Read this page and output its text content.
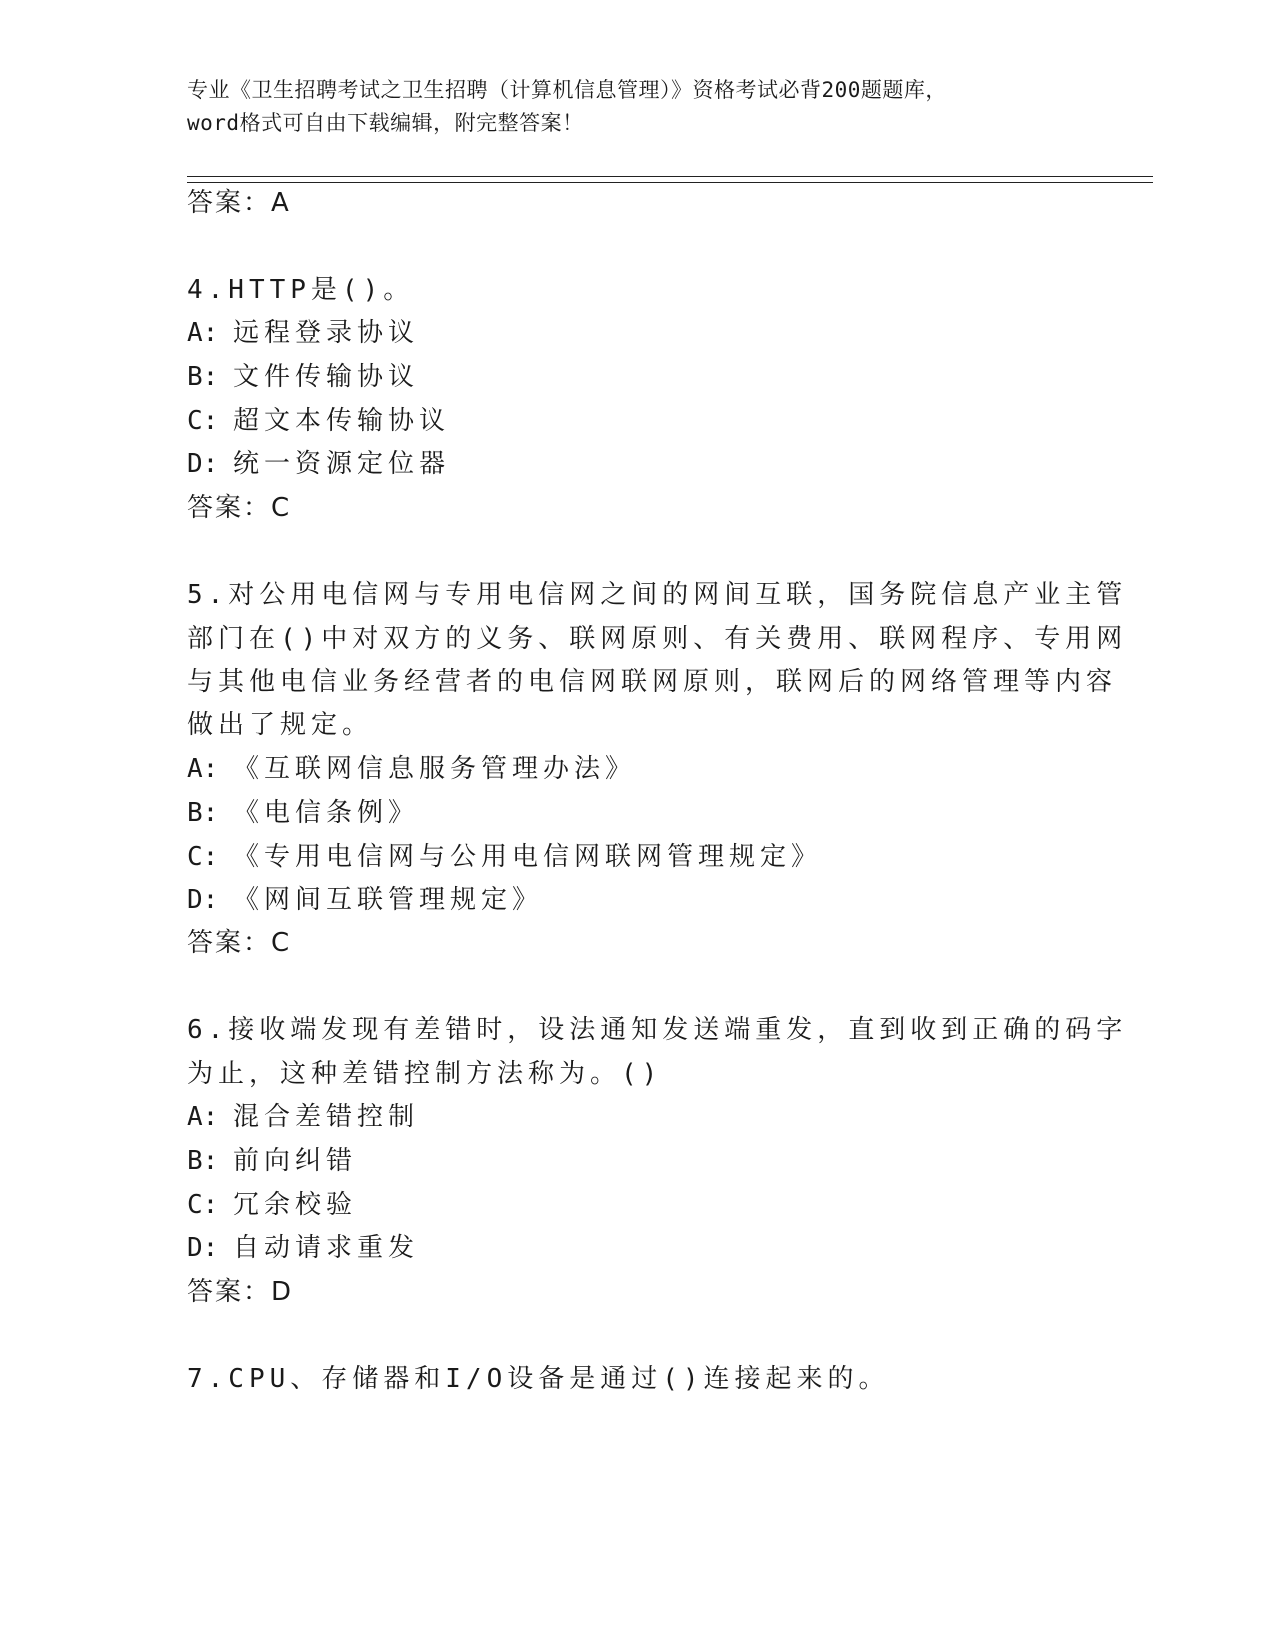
专业《卫生招聘考试之卫生招聘（计算机信息管理）》资格考试必背200题题库，
word格式可自由下载编辑，附完整答案！
答案：A
4.HTTP是()。
A: 远程登录协议
B: 文件传输协议
C: 超文本传输协议
D: 统一资源定位器
答案：C
5.对公用电信网与专用电信网之间的网间互联，国务院信息产业主管
部门在()中对双方的义务、联网原则、有关费用、联网程序、专用网
与其他电信业务经营者的电信网联网原则，联网后的网络管理等内容
做出了规定。
A: 《互联网信息服务管理办法》
B: 《电信条例》
C: 《专用电信网与公用电信网联网管理规定》
D: 《网间互联管理规定》
答案：C
6.接收端发现有差错时，设法通知发送端重发，直到收到正确的码字
为止，这种差错控制方法称为。()
A: 混合差错控制
B: 前向纠错
C: 冗余校验
D: 自动请求重发
答案：D
7.CPU、存储器和I/O设备是通过()连接起来的。
